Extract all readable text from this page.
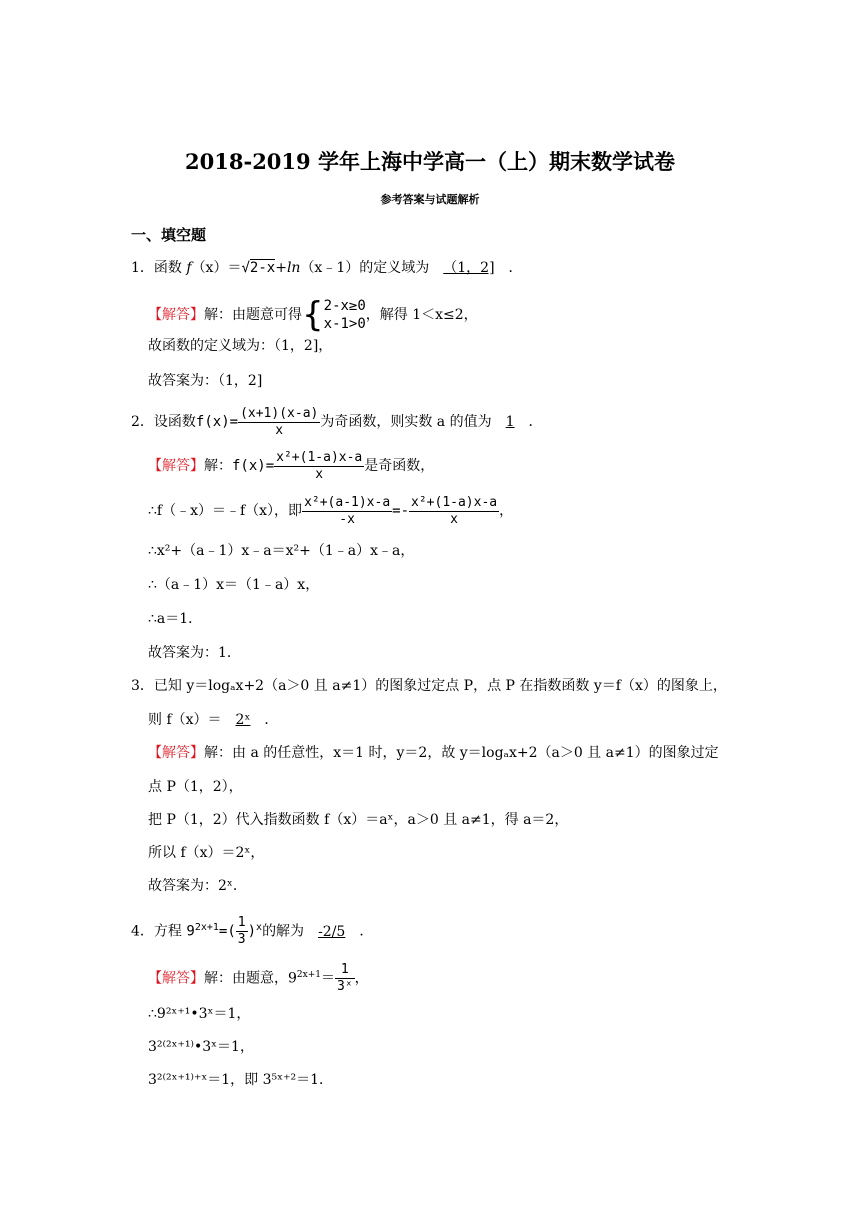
2018-2019 学年上海中学高一（上）期末数学试卷
参考答案与试题解析
一、填空题
1．函数 f（x）＝√2-x+ln（x﹣1）的定义域为 （1，2] ．
【解答】解：由题意可得{ 2-x≥0
x-1>0
，解得 1＜x≤2，
故函数的定义域为：（1，2]，
故答案为：（1，2]
2．设函数$f(x)= \frac{(x+1)(x-a)}{x}$ 为奇函数，则实数 a 的值为 1 ．
【解答】解：$f(x)= \frac{\text{x²+(1-a)x-a}}{x}$ 是奇函数，
∴f（﹣x）＝﹣f（x），即 $\frac{\text{x²+(a-1)x-a}}{-x} =- \frac{\text{x²+(1-a)x-a}}{x}$ ，
∴x²+（a﹣1）x﹣a＝x²+（1﹣a）x﹣a，
∴（a﹣1）x＝（1﹣a）x，
∴a＝1．
故答案为：1．
3．已知 y＝logₐx+2（a＞0 且 a≠1）的图象过定点 P，点 P 在指数函数 y＝f（x）的图象上，
则 f（x）＝ 2ˣ ．
【解答】解：由 a 的任意性，x＝1 时，y＝2，故 y＝logₐx+2（a＞0 且 a≠1）的图象过定
点 P（1，2），
把 P（1，2）代入指数函数 f（x）＝aˣ，a＞0 且 a≠1，得 a＝2，
所以 f（x）＝2ˣ，
故答案为：2ˣ．
4．方程 $9^{2x+1}=( \frac{1}{3} )^x$的解为 -2/5 ．
【解答】解：由题意，$9^{2x+1}= \frac{1}{\text{3ˣ}}$ ，
∴9²ˣ⁺¹•3ˣ＝1，
3²⁽²ˣ⁺¹⁾•3ˣ＝1，
3²⁽²ˣ⁺¹⁾⁺ˣ＝1，即 3⁵ˣ⁺²＝1．
